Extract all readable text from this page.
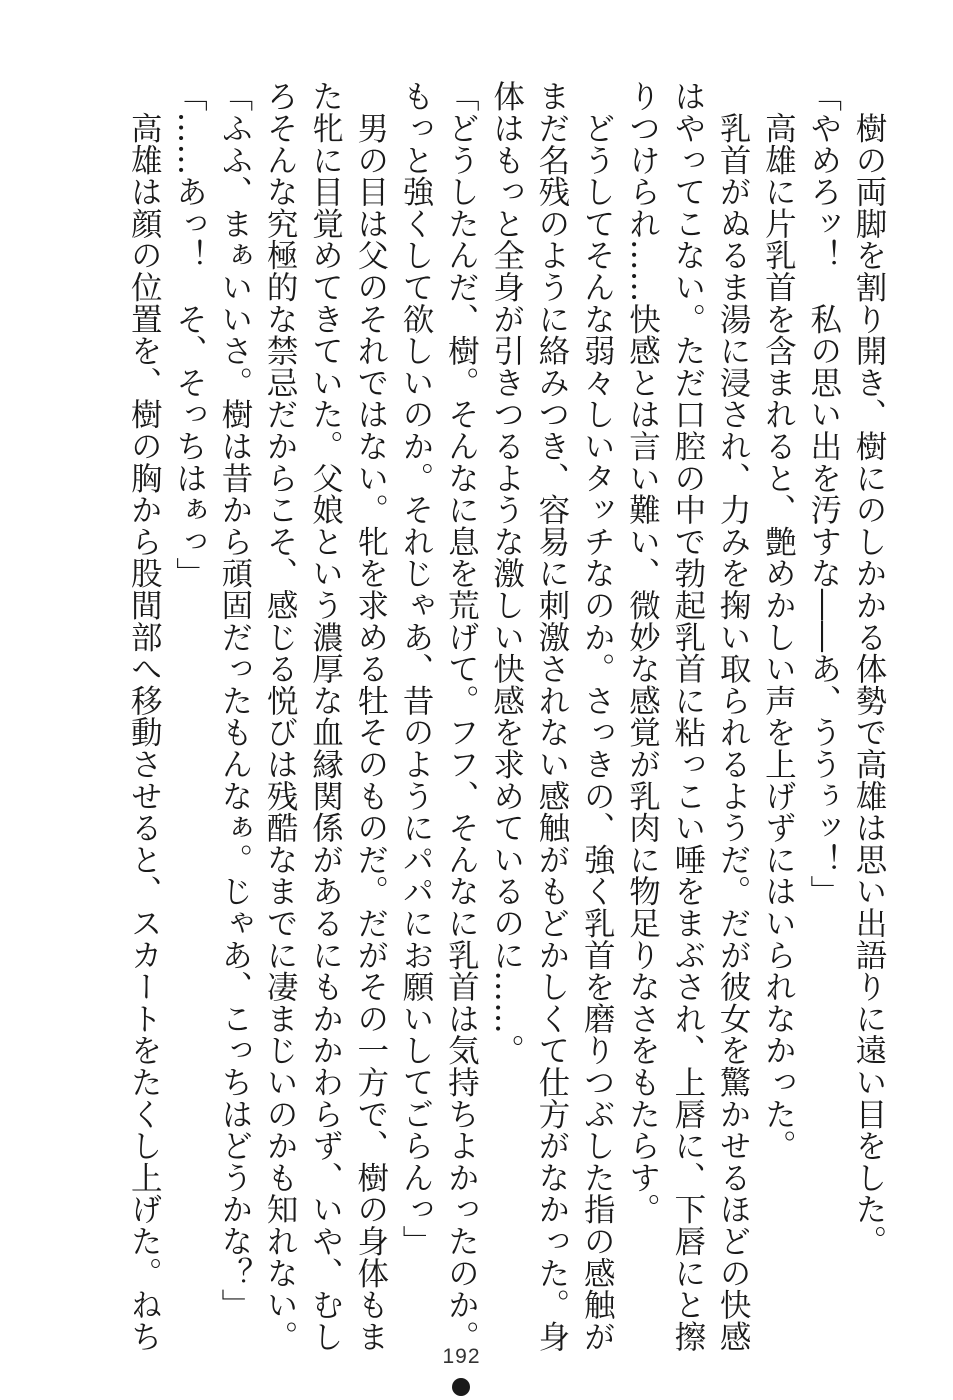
　樹の両脚を割り開き、樹にのしかかる体勢で高雄は思い出語りに遠い目をした。

「やめろッ！　私の思い出を汚すな――あ、ううぅッ！」

　高雄に片乳首を含まれると、艶めかしい声を上げずにはいられなかった。

　乳首がぬるま湯に浸され、力みを掬い取られるようだ。だが彼女を驚かせるほどの快感

はやってこない。ただ口腔の中で勃起乳首に粘っこい唾をまぶされ、上唇に、下唇にと擦

りつけられ……快感とは言い難い、微妙な感覚が乳肉に物足りなさをもたらす。

　どうしてそんな弱々しいタッチなのか。さっきの、強く乳首を磨りつぶした指の感触が

まだ名残のように絡みつき、容易に刺激されない感触がもどかしくて仕方がなかった。身

体はもっと全身が引きつるような激しい快感を求めているのに……。

「どうしたんだ、樹。そんなに息を荒げて。フフ、そんなに乳首は気持ちよかったのか。

もっと強くして欲しいのか。それじゃあ、昔のようにパパにお願いしてごらんっ」

　男の目は父のそれではない。牝を求める牡そのものだ。だがその一方で、樹の身体もま

た牝に目覚めてきていた。父娘という濃厚な血縁関係があるにもかかわらず、いや、むし

ろそんな究極的な禁忌だからこそ、感じる悦びは残酷なまでに凄まじいのかも知れない。

「ふふ、まぁいいさ。樹は昔から頑固だったもんなぁ。じゃあ、こっちはどうかな？」

「……あっ！　そ、そっちはぁっ」

　高雄は顔の位置を、樹の胸から股間部へ移動させると、スカートをたくし上げた。ねち

192
